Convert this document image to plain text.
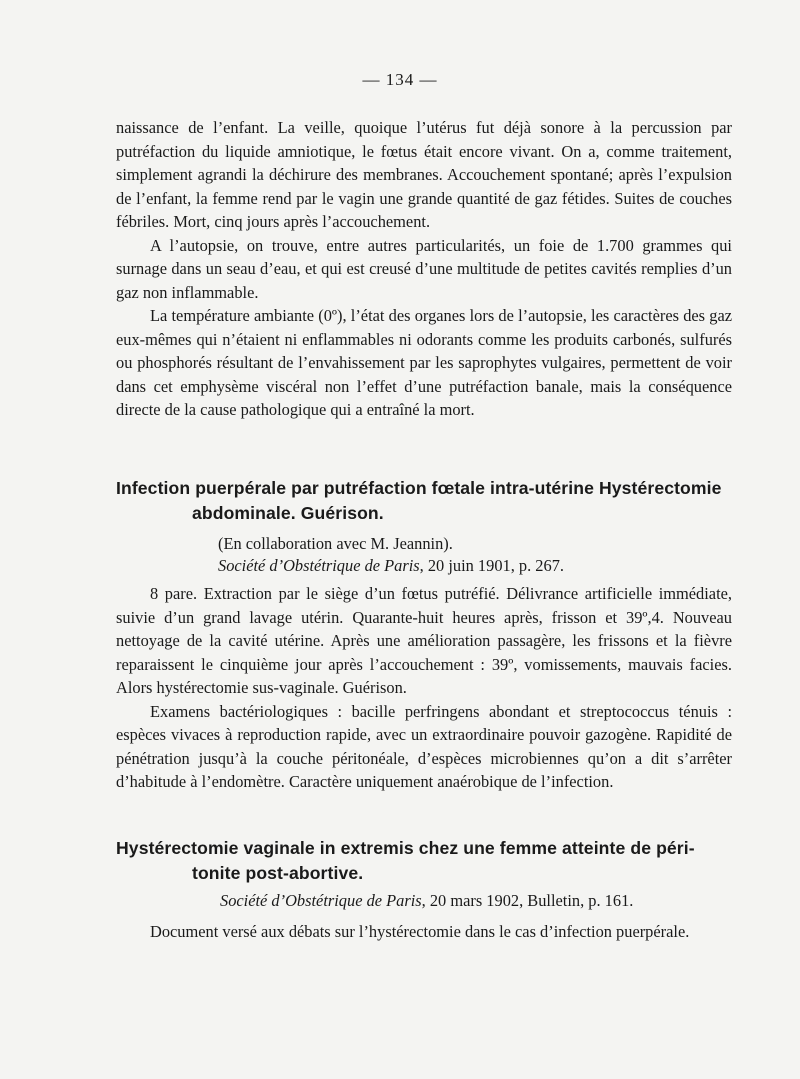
— 134 —

naissance de l’enfant. La veille, quoique l’utérus fut déjà sonore à la percussion par putréfaction du liquide amniotique, le fœtus était encore vivant. On a, comme traitement, simplement agrandi la déchirure des membranes. Accouchement spontané; après l’expulsion de l’enfant, la femme rend par le vagin une grande quantité de gaz fétides. Suites de couches fébriles. Mort, cinq jours après l’accouchement.

A l’autopsie, on trouve, entre autres particularités, un foie de 1.700 grammes qui surnage dans un seau d’eau, et qui est creusé d’une multitude de petites cavités remplies d’un gaz non inflammable.

La température ambiante (0º), l’état des organes lors de l’autopsie, les caractères des gaz eux-mêmes qui n’étaient ni enflammables ni odorants comme les produits carbonés, sulfurés ou phosphorés résultant de l’envahissement par les saprophytes vulgaires, permettent de voir dans cet emphysème viscéral non l’effet d’une putréfaction banale, mais la conséquence directe de la cause pathologique qui a entraîné la mort.

Infection puerpérale par putréfaction fœtale intra-utérine Hystérectomie
abdominale. Guérison.
(En collaboration avec M. Jeannin).
Société d’Obstétrique de Paris, 20 juin 1901, p. 267.

8 pare. Extraction par le siège d’un fœtus putréfié. Délivrance artificielle immédiate, suivie d’un grand lavage utérin. Quarante-huit heures après, frisson et 39º,4. Nouveau nettoyage de la cavité utérine. Après une amélioration passagère, les frissons et la fièvre reparaissent le cinquième jour après l’accouchement : 39º, vomissements, mauvais facies. Alors hystérectomie sus-vaginale. Guérison.

Examens bactériologiques : bacille perfringens abondant et streptococcus ténuis : espèces vivaces à reproduction rapide, avec un extraordinaire pouvoir gazogène. Rapidité de pénétration jusqu’à la couche péritonéale, d’espèces microbiennes qu’on a dit s’arrêter d’habitude à l’endomètre. Caractère uniquement anaérobique de l’infection.

Hystérectomie vaginale in extremis chez une femme atteinte de péri-
tonite post-abortive.
Société d’Obstétrique de Paris, 20 mars 1902, Bulletin, p. 161.

Document versé aux débats sur l’hystérectomie dans le cas d’infection puerpérale.
